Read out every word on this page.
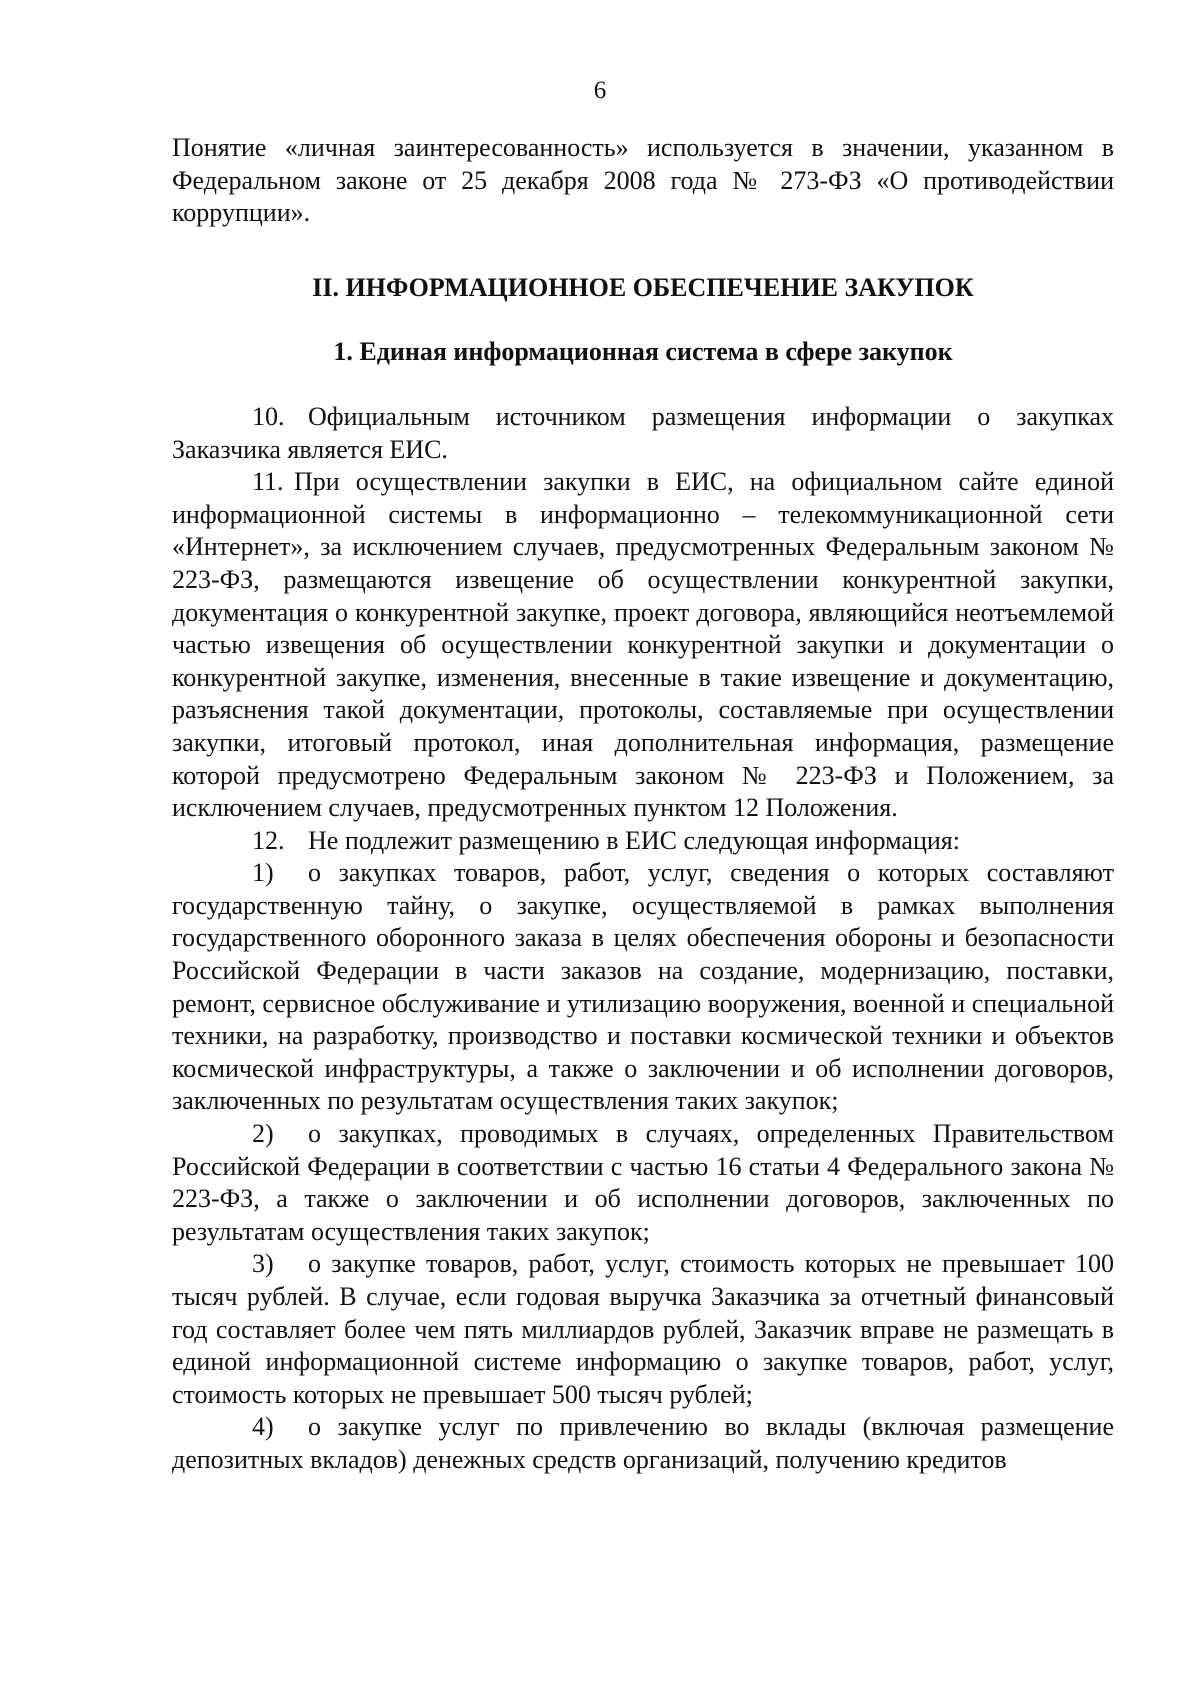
6

Понятие «личная заинтересованность» используется в значении, указанном в Федеральном законе от 25 декабря 2008 года № 273-ФЗ «О противодействии коррупции».

II. ИНФОРМАЦИОННОЕ ОБЕСПЕЧЕНИЕ ЗАКУПОК
1. Единая информационная система в сфере закупок

10. Официальным источником размещения информации о закупках Заказчика является ЕИС.

11. При осуществлении закупки в ЕИС, на официальном сайте единой информационной системы в информационно – телекоммуникационной сети «Интернет», за исключением случаев, предусмотренных Федеральным законом № 223-ФЗ, размещаются извещение об осуществлении конкурентной закупки, документация о конкурентной закупке, проект договора, являющийся неотъемлемой частью извещения об осуществлении конкурентной закупки и документации о конкурентной закупке, изменения, внесенные в такие извещение и документацию, разъяснения такой документации, протоколы, составляемые при осуществлении закупки, итоговый протокол, иная дополнительная информация, размещение которой предусмотрено Федеральным законом № 223-ФЗ и Положением, за исключением случаев, предусмотренных пунктом 12 Положения.

12. Не подлежит размещению в ЕИС следующая информация:

1) о закупках товаров, работ, услуг, сведения о которых составляют государственную тайну, о закупке, осуществляемой в рамках выполнения государственного оборонного заказа в целях обеспечения обороны и безопасности Российской Федерации в части заказов на создание, модернизацию, поставки, ремонт, сервисное обслуживание и утилизацию вооружения, военной и специальной техники, на разработку, производство и поставки космической техники и объектов космической инфраструктуры, а также о заключении и об исполнении договоров, заключенных по результатам осуществления таких закупок;

2) о закупках, проводимых в случаях, определенных Правительством Российской Федерации в соответствии с частью 16 статьи 4 Федерального закона № 223-ФЗ, а также о заключении и об исполнении договоров, заключенных по результатам осуществления таких закупок;

3) о закупке товаров, работ, услуг, стоимость которых не превышает 100 тысяч рублей. В случае, если годовая выручка Заказчика за отчетный финансовый год составляет более чем пять миллиардов рублей, Заказчик вправе не размещать в единой информационной системе информацию о закупке товаров, работ, услуг, стоимость которых не превышает 500 тысяч рублей;

4) о закупке услуг по привлечению во вклады (включая размещение депозитных вкладов) денежных средств организаций, получению кредитов
